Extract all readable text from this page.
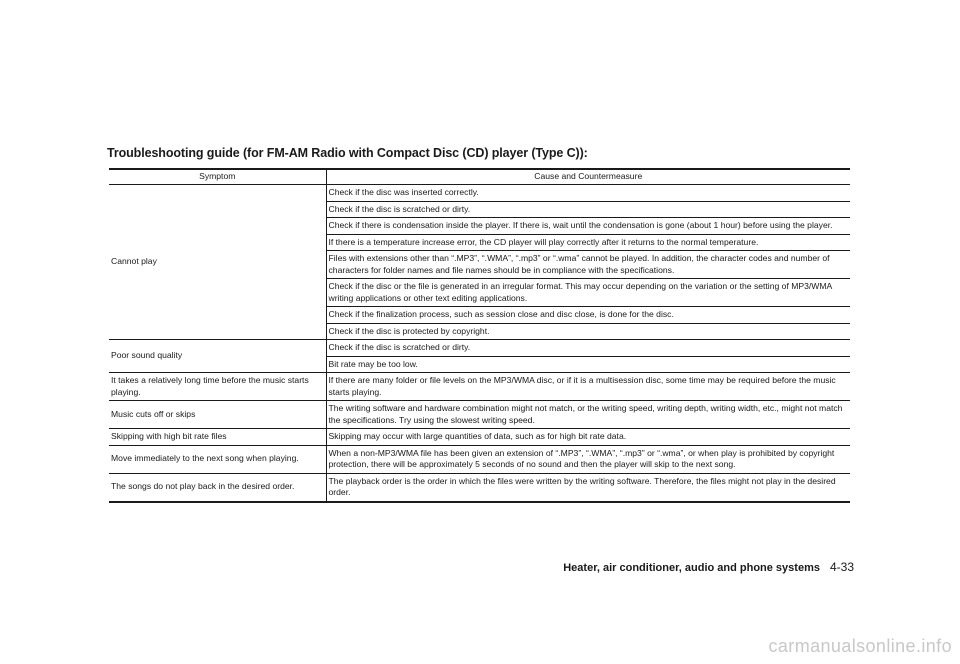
Troubleshooting guide (for FM-AM Radio with Compact Disc (CD) player (Type C)):
Symptom	Cause and Countermeasure
Cannot play	Check if the disc was inserted correctly.
	Check if the disc is scratched or dirty.
	Check if there is condensation inside the player. If there is, wait until the condensation is gone (about 1 hour) before using the player.
	If there is a temperature increase error, the CD player will play correctly after it returns to the normal temperature.
	Files with extensions other than “.MP3”, “.WMA”, “.mp3” or “.wma” cannot be played. In addition, the character codes and number of characters for folder names and file names should be in compliance with the specifications.
	Check if the disc or the file is generated in an irregular format. This may occur depending on the variation or the setting of MP3/WMA writing applications or other text editing applications.
	Check if the finalization process, such as session close and disc close, is done for the disc.
	Check if the disc is protected by copyright.
Poor sound quality	Check if the disc is scratched or dirty.
	Bit rate may be too low.
It takes a relatively long time before the music starts playing.	If there are many folder or file levels on the MP3/WMA disc, or if it is a multisession disc, some time may be required before the music starts playing.
Music cuts off or skips	The writing software and hardware combination might not match, or the writing speed, writing depth, writing width, etc., might not match the specifications. Try using the slowest writing speed.
Skipping with high bit rate files	Skipping may occur with large quantities of data, such as for high bit rate data.
Move immediately to the next song when playing.	When a non-MP3/WMA file has been given an extension of “.MP3”, “.WMA”, “.mp3” or “.wma”, or when play is prohibited by copyright protection, there will be approximately 5 seconds of no sound and then the player will skip to the next song.
The songs do not play back in the desired order.	The playback order is the order in which the files were written by the writing software. Therefore, the files might not play in the desired order.
Heater, air conditioner, audio and phone systems 4-33
carmanualsonline.info
